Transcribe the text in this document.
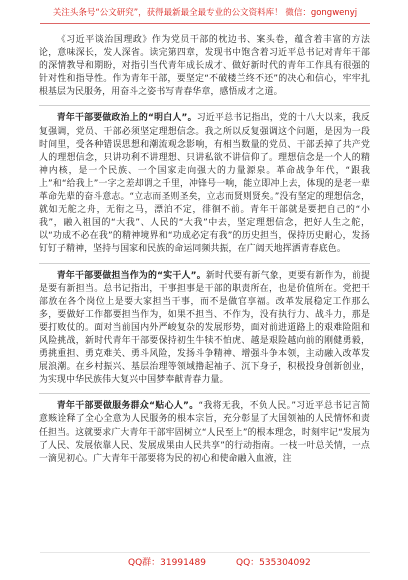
关注头条号“公文研究”，获得最新最全最专业的公文资料库！ 微信：gongwenyj

《习近平谈治国理政》作为党员干部的枕边书、案头卷，蕴含着丰富的方法论，意味深长，发人深省。读完第四章，发现书中饱含着习近平总书记对青年干部的深情教导和期盼，对指引当代青年成长成才、做好新时代的青年工作具有很强的针对性和指导性。作为青年干部，要坚定“不破楼兰终不还”的决心和信心，牢牢扎根基层为民服务，用奋斗之姿书写青春华章，感悟成才之道。

青年干部要做政治上的“明白人”。习近平总书记指出，党的十八大以来，我反复强调，党员、干部必须坚定理想信念。我之所以反复强调这个问题，是因为一段时间里，受各种错误思想和潮流观念影响，有相当数量的党员、干部丢掉了共产党人的理想信念，只讲功利不讲理想、只讲私欲不讲信仰了。理想信念是一个人的精神内核，是一个民族、一个国家走向强大的力量源泉。革命战争年代，“跟我上”和“给我上”一字之差却谓之千里，冲锋号一响，能立即冲上去，体现的是老一辈革命先辈的奋斗意志。“立志而圣则圣矣，立志而贤则贤矣。”没有坚定的理想信念，就如无舵之舟，无衔之马，漂泊不定，徘徊不前。青年干部就是要把自己的“小我”，融入祖国的“大我”、人民的“大我”中去，坚定理想信念，把好人生之舵，以“功成不必在我”的精神境界和“功成必定有我”的历史担当，保持历史耐心，发扬钉钉子精神，坚持与国家和民族的命运同频共振，在广阔天地挥洒青春底色。

青年干部要做担当作为的“实干人”。新时代要有新气象，更要有新作为，前提是要有新担当。总书记指出，干事担事是干部的职责所在，也是价值所在。党把干部放在各个岗位上是要大家担当干事，而不是做官享福。改革发展稳定工作那么多，要做好工作都要担当作为，如果不担当、不作为，没有执行力、战斗力，那是要打败仗的。面对当前国内外严峻复杂的发展形势，面对前进道路上的艰难险阻和风险挑战，新时代青年干部要保持初生牛犊不怕虎、越是艰险越向前的刚健勇毅，勇挑重担、勇克难关、勇斗风险，发扬斗争精神、增强斗争本领，主动融入改革发展浪潮。在乡村振兴、基层治理等领域撸起袖子、沉下身子，积极投身创新创业，为实现中华民族伟大复兴中国梦奉献青春力量。

青年干部要做服务群众“贴心人”。“我将无我，不负人民。”习近平总书记言简意赅诠释了全心全意为人民服务的根本宗旨，充分彰显了大国领袖的人民情怀和责任担当。这就要求广大青年干部牢固树立“人民至上”的根本理念，时刻牢记“发展为了人民、发展依靠人民、发展成果由人民共享”的行动指南。一枝一叶总关情，一点一滴见初心。广大青年干部要将为民的初心和使命融入血液，注

QQ群：31991489	QQ：535304092
